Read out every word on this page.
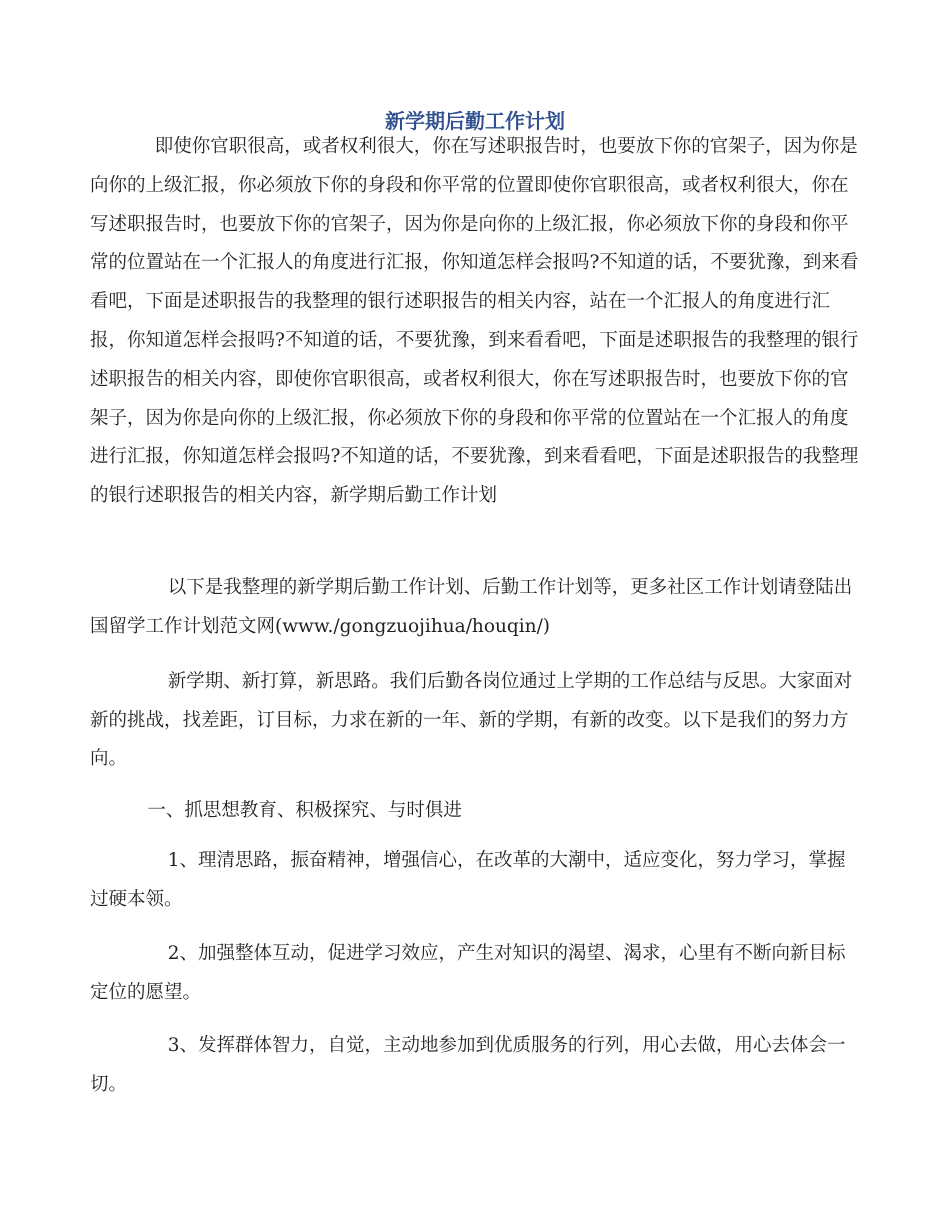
新学期后勤工作计划

即使你官职很高，或者权利很大，你在写述职报告时，也要放下你的官架子，因为你是向你的上级汇报，你必须放下你的身段和你平常的位置即使你官职很高，或者权利很大，你在写述职报告时，也要放下你的官架子，因为你是向你的上级汇报，你必须放下你的身段和你平常的位置站在一个汇报人的角度进行汇报，你知道怎样会报吗?不知道的话，不要犹豫，到来看看吧，下面是述职报告的我整理的银行述职报告的相关内容，站在一个汇报人的角度进行汇报，你知道怎样会报吗?不知道的话，不要犹豫，到来看看吧，下面是述职报告的我整理的银行述职报告的相关内容，即使你官职很高，或者权利很大，你在写述职报告时，也要放下你的官架子，因为你是向你的上级汇报，你必须放下你的身段和你平常的位置站在一个汇报人的角度进行汇报，你知道怎样会报吗?不知道的话，不要犹豫，到来看看吧，下面是述职报告的我整理的银行述职报告的相关内容，新学期后勤工作计划

以下是我整理的新学期后勤工作计划、后勤工作计划等，更多社区工作计划请登陆出国留学工作计划范文网(www./gongzuojihua/houqin/)

新学期、新打算，新思路。我们后勤各岗位通过上学期的工作总结与反思。大家面对新的挑战，找差距，订目标，力求在新的一年、新的学期，有新的改变。以下是我们的努力方向。

一、抓思想教育、积极探究、与时俱进

1、理清思路，振奋精神，增强信心，在改革的大潮中，适应变化，努力学习，掌握过硬本领。

2、加强整体互动，促进学习效应，产生对知识的渴望、渴求，心里有不断向新目标定位的愿望。

3、发挥群体智力，自觉，主动地参加到优质服务的行列，用心去做，用心去体会一切。
